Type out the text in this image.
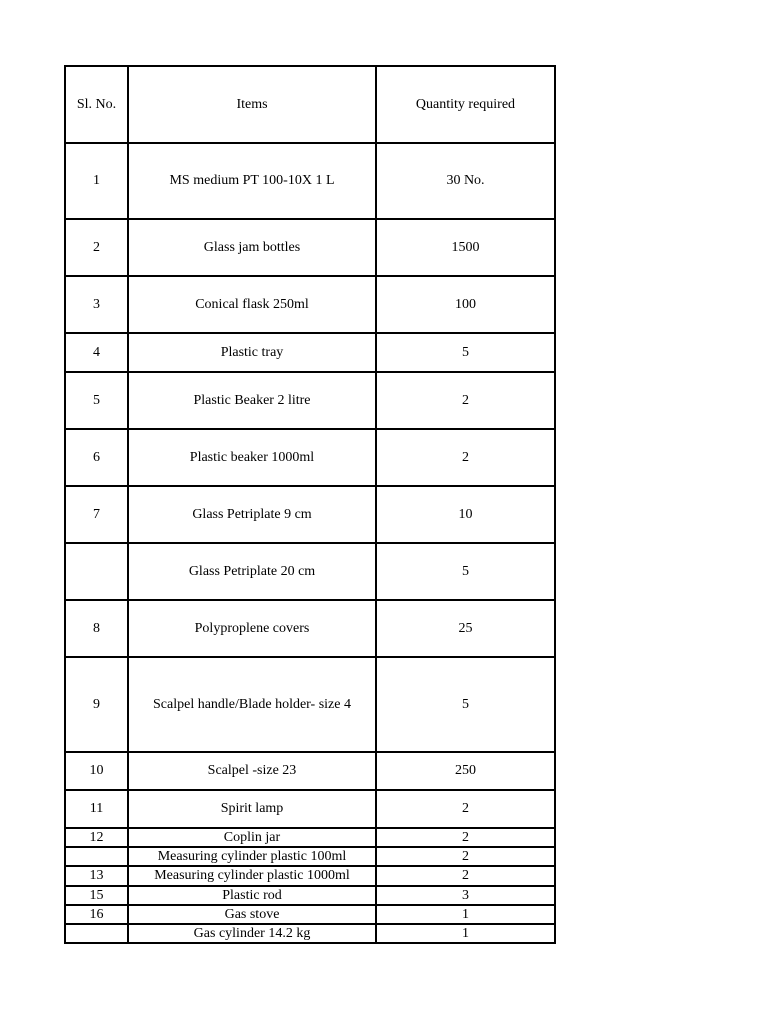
Sl. No.	Items	Quantity required
1	MS medium PT 100-10X 1 L	30 No.
2	Glass jam bottles	1500
3	Conical flask 250ml	100
4	Plastic tray	5
5	Plastic Beaker 2 litre	2
6	Plastic beaker 1000ml	2
7	Glass Petriplate 9 cm	10
	Glass Petriplate 20 cm	5
8	Polyproplene covers	25
9	Scalpel handle/Blade holder- size 4	5
10	Scalpel -size 23	250
11	Spirit lamp	2
12	Coplin jar	2
	Measuring cylinder plastic 100ml	2
13	Measuring cylinder plastic 1000ml	2
15	Plastic rod	3
16	Gas stove	1
	Gas cylinder 14.2 kg	1
